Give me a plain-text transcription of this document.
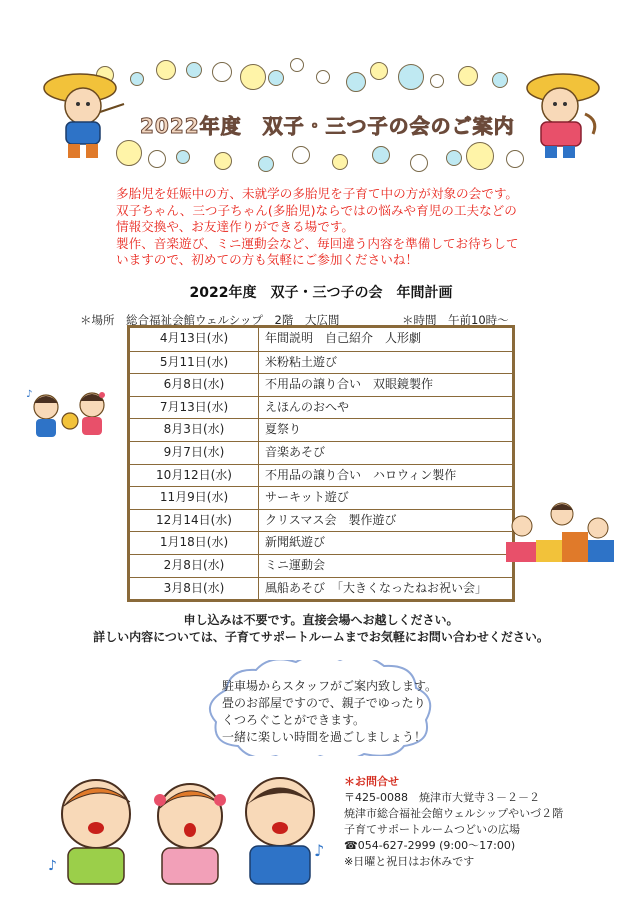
2022年度　双子・三つ子の会のご案内
多胎児を妊娠中の方、未就学の多胎児を子育て中の方が対象の会です。
双子ちゃん、三つ子ちゃん(多胎児)ならではの悩みや育児の工夫などの
情報交換や、お友達作りができる場です。
製作、音楽遊び、ミニ運動会など、毎回違う内容を準備してお待ちして
いますので、初めての方も気軽にご参加くださいね！
2022年度　双子・三つ子の会　年間計画
＊場所　総合福祉会館ウェルシップ　2階　大広間	＊時間　午前10時～
♪
4月13日(水)	年間説明　自己紹介　人形劇
5月11日(水)	米粉粘土遊び
6月8日(水)	不用品の譲り合い　双眼鏡製作
7月13日(水)	えほんのおへや
8月3日(水)	夏祭り
9月7日(水)	音楽あそび
10月12日(水)	不用品の譲り合い　ハロウィン製作
11月9日(水)	サーキット遊び
12月14日(水)	クリスマス会　製作遊び
1月18日(水)	新聞紙遊び
2月8日(水)	ミニ運動会
3月8日(水)	風船あそび　「大きくなったねお祝い会」
申し込みは不要です。直接会場へお越しください。
詳しい内容については、子育てサポートルームまでお気軽にお問い合わせください。
駐車場からスタッフがご案内致します。
畳のお部屋ですので、親子でゆったり
くつろぐことができます。
一緒に楽しい時間を過ごしましょう！
♪
♪
＊お問合せ
〒425-0088　焼津市大覚寺３－２－２
焼津市総合福祉会館ウェルシップやいづ２階
子育てサポートルームつどいの広場
☎054-627-2999 (9:00～17:00)
※日曜と祝日はお休みです
